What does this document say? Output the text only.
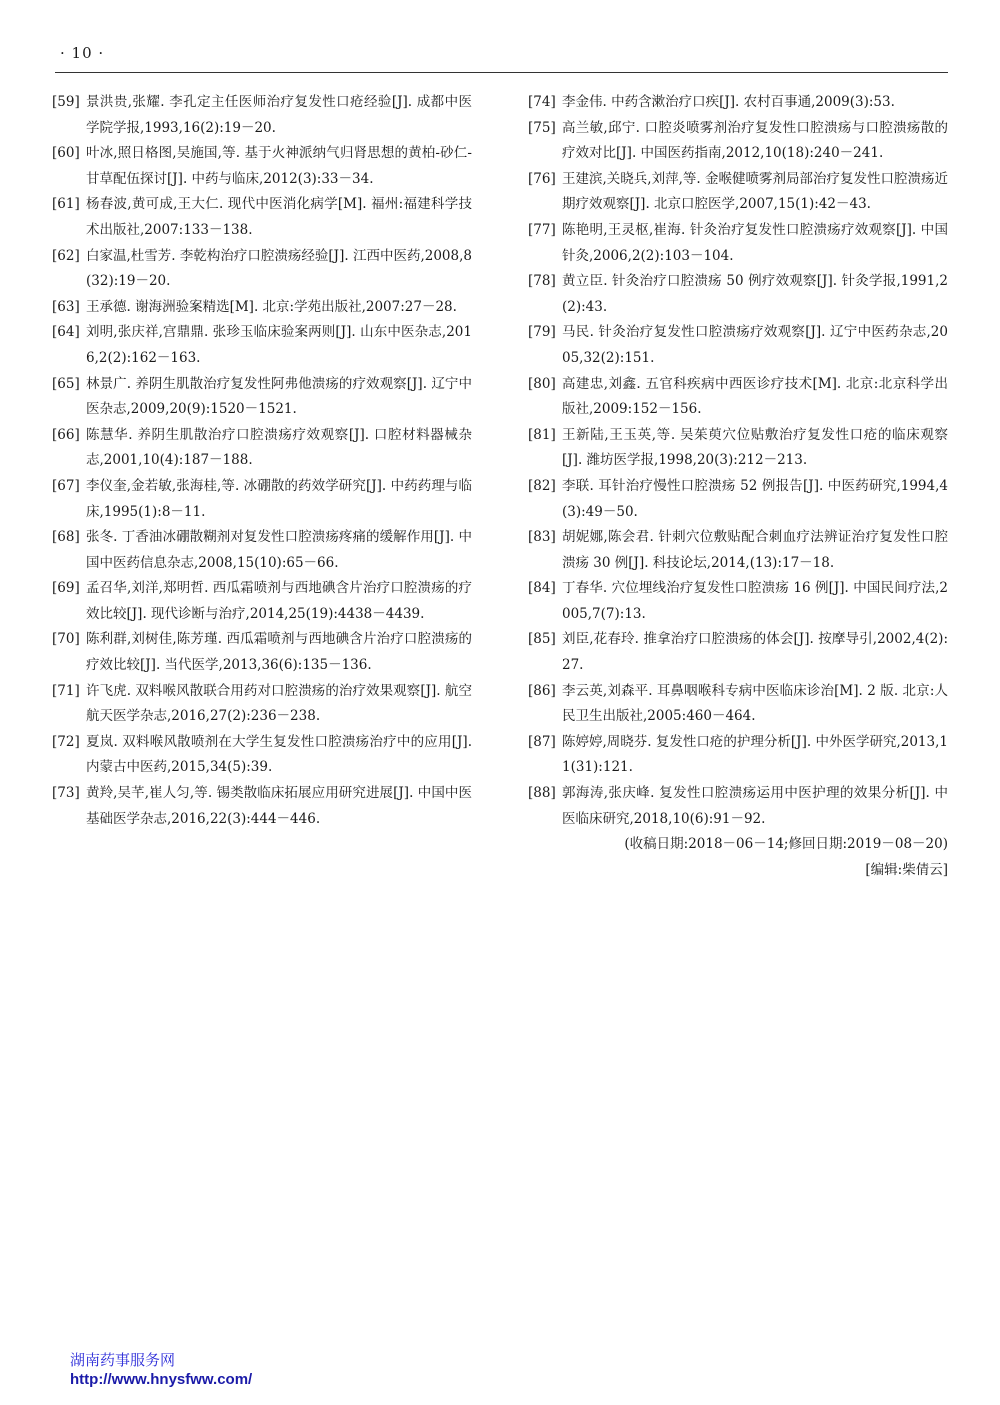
· 10 ·
[59] 景洪贵,张耀. 李孔定主任医师治疗复发性口疮经验[J]. 成都中医学院学报,1993,16(2):19－20.
[60] 叶冰,照日格图,吴施国,等. 基于火神派纳气归肾思想的黄柏-砂仁-甘草配伍探讨[J]. 中药与临床,2012(3):33－34.
[61] 杨春波,黄可成,王大仁. 现代中医消化病学[M]. 福州:福建科学技术出版社,2007:133－138.
[62] 白家温,杜雪芳. 李乾构治疗口腔溃疡经验[J]. 江西中医药,2008,8(32):19－20.
[63] 王承德. 谢海洲验案精选[M]. 北京:学苑出版社,2007:27－28.
[64] 刘明,张庆祥,宫鼎鼎. 张珍玉临床验案两则[J]. 山东中医杂志,2016,2(2):162－163.
[65] 林景广. 养阴生肌散治疗复发性阿弗他溃疡的疗效观察[J]. 辽宁中医杂志,2009,20(9):1520－1521.
[66] 陈慧华. 养阴生肌散治疗口腔溃疡疗效观察[J]. 口腔材料器械杂志,2001,10(4):187－188.
[67] 李仪奎,金若敏,张海桂,等. 冰硼散的药效学研究[J]. 中药药理与临床,1995(1):8－11.
[68] 张冬. 丁香油冰硼散糊剂对复发性口腔溃疡疼痛的缓解作用[J]. 中国中医药信息杂志,2008,15(10):65－66.
[69] 孟召华,刘洋,郑明哲. 西瓜霜喷剂与西地碘含片治疗口腔溃疡的疗效比较[J]. 现代诊断与治疗,2014,25(19):4438－4439.
[70] 陈利群,刘树佳,陈芳瑾. 西瓜霜喷剂与西地碘含片治疗口腔溃疡的疗效比较[J]. 当代医学,2013,36(6):135－136.
[71] 许飞虎. 双料喉风散联合用药对口腔溃疡的治疗效果观察[J]. 航空航天医学杂志,2016,27(2):236－238.
[72] 夏岚. 双料喉风散喷剂在大学生复发性口腔溃疡治疗中的应用[J]. 内蒙古中医药,2015,34(5):39.
[73] 黄羚,吴芊,崔人匀,等. 锡类散临床拓展应用研究进展[J]. 中国中医基础医学杂志,2016,22(3):444－446.
[74] 李金伟. 中药含漱治疗口疾[J]. 农村百事通,2009(3):53.
[75] 高兰敏,邱宁. 口腔炎喷雾剂治疗复发性口腔溃疡与口腔溃疡散的疗效对比[J]. 中国医药指南,2012,10(18):240－241.
[76] 王建滨,关晓兵,刘萍,等. 金喉健喷雾剂局部治疗复发性口腔溃疡近期疗效观察[J]. 北京口腔医学,2007,15(1):42－43.
[77] 陈艳明,王灵枢,崔海. 针灸治疗复发性口腔溃疡疗效观察[J]. 中国针灸,2006,2(2):103－104.
[78] 黄立臣. 针灸治疗口腔溃疡 50 例疗效观察[J]. 针灸学报,1991,2(2):43.
[79] 马民. 针灸治疗复发性口腔溃疡疗效观察[J]. 辽宁中医药杂志,2005,32(2):151.
[80] 高建忠,刘鑫. 五官科疾病中西医诊疗技术[M]. 北京:北京科学出版社,2009:152－156.
[81] 王新陆,王玉英,等. 吴茱萸穴位贴敷治疗复发性口疮的临床观察[J]. 潍坊医学报,1998,20(3):212－213.
[82] 李联. 耳针治疗慢性口腔溃疡 52 例报告[J]. 中医药研究,1994,4(3):49－50.
[83] 胡妮娜,陈会君. 针刺穴位敷贴配合刺血疗法辨证治疗复发性口腔溃疡 30 例[J]. 科技论坛,2014,(13):17－18.
[84] 丁春华. 穴位埋线治疗复发性口腔溃疡 16 例[J]. 中国民间疗法,2005,7(7):13.
[85] 刘臣,花春玲. 推拿治疗口腔溃疡的体会[J]. 按摩导引,2002,4(2):27.
[86] 李云英,刘森平. 耳鼻咽喉科专病中医临床诊治[M]. 2 版. 北京:人民卫生出版社,2005:460－464.
[87] 陈婷婷,周晓芬. 复发性口疮的护理分析[J]. 中外医学研究,2013,11(31):121.
[88] 郭海涛,张庆峰. 复发性口腔溃疡运用中医护理的效果分析[J]. 中医临床研究,2018,10(6):91－92.
(收稿日期:2018－06－14;修回日期:2019－08－20)
[编辑:柴倩云]
湖南药事服务网
http://www.hnysfww.com/
